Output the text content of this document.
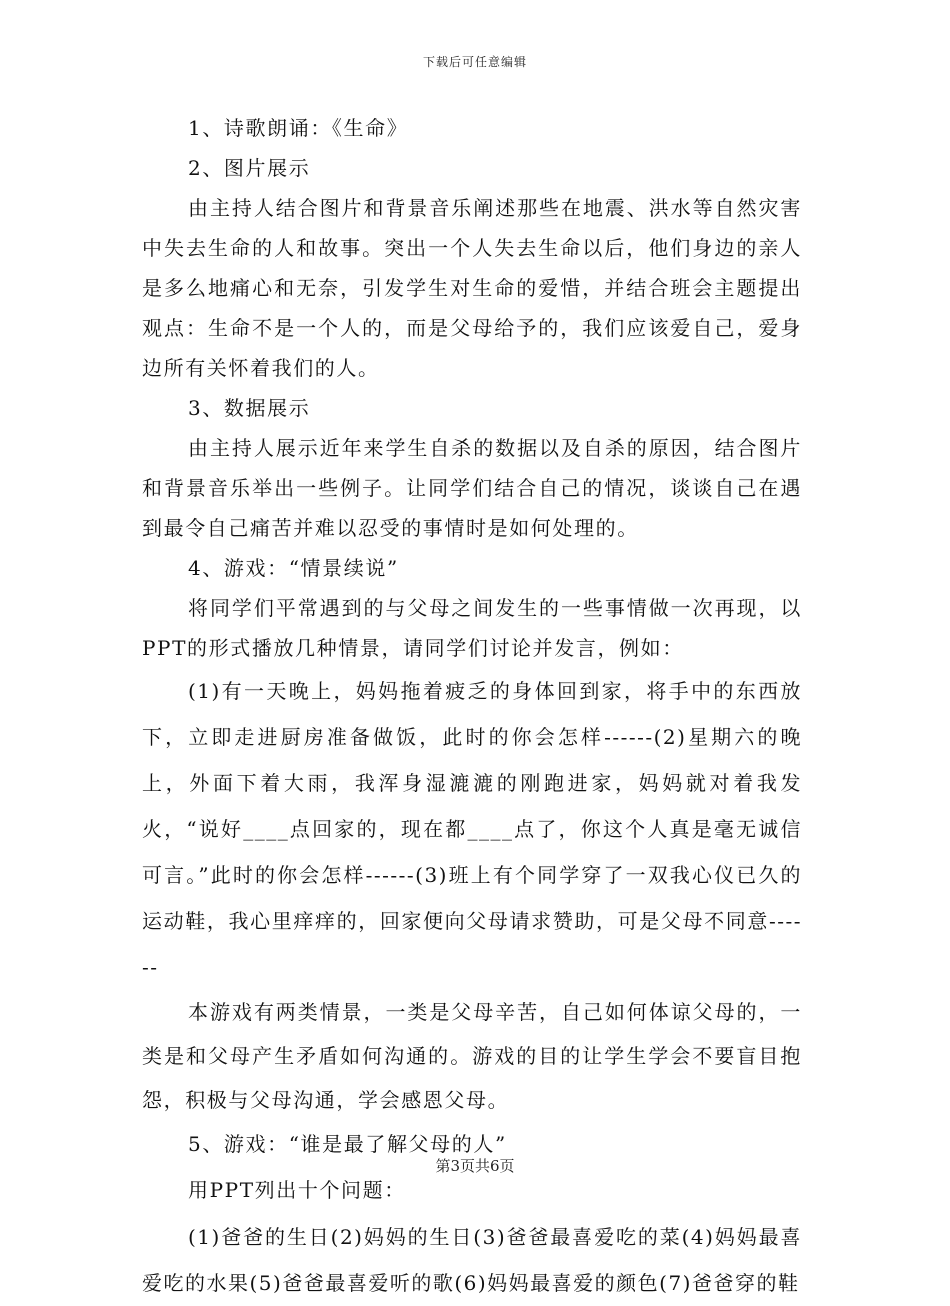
下载后可任意编辑

1、诗歌朗诵：《生命》

2、图片展示

由主持人结合图片和背景音乐阐述那些在地震、洪水等自然灾害中失去生命的人和故事。突出一个人失去生命以后，他们身边的亲人是多么地痛心和无奈，引发学生对生命的爱惜，并结合班会主题提出观点：生命不是一个人的，而是父母给予的，我们应该爱自己，爱身边所有关怀着我们的人。

3、数据展示

由主持人展示近年来学生自杀的数据以及自杀的原因，结合图片和背景音乐举出一些例子。让同学们结合自己的情况，谈谈自己在遇到最令自己痛苦并难以忍受的事情时是如何处理的。

4、游戏：“情景续说”

将同学们平常遇到的与父母之间发生的一些事情做一次再现，以PPT的形式播放几种情景，请同学们讨论并发言，例如：

(1)有一天晚上，妈妈拖着疲乏的身体回到家，将手中的东西放下，立即走进厨房准备做饭，此时的你会怎样------(2)星期六的晚上，外面下着大雨，我浑身湿漉漉的刚跑进家，妈妈就对着我发火，“说好____点回家的，现在都____点了，你这个人真是毫无诚信可言。”此时的你会怎样------(3)班上有个同学穿了一双我心仪已久的运动鞋，我心里痒痒的，回家便向父母请求赞助，可是父母不同意------

本游戏有两类情景，一类是父母辛苦，自己如何体谅父母的，一类是和父母产生矛盾如何沟通的。游戏的目的让学生学会不要盲目抱怨，积极与父母沟通，学会感恩父母。

5、游戏：“谁是最了解父母的人”

用PPT列出十个问题：

(1)爸爸的生日(2)妈妈的生日(3)爸爸最喜爱吃的菜(4)妈妈最喜爱吃的水果(5)爸爸最喜爱听的歌(6)妈妈最喜爱的颜色(7)爸爸穿的鞋

第3页共6页
